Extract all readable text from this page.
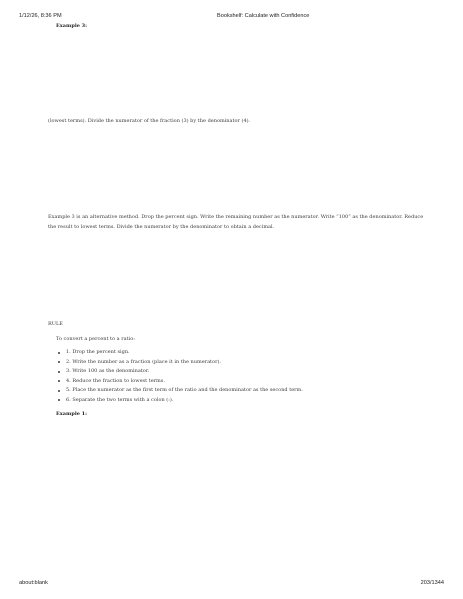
1/12/26, 8:36 PM	Bookshelf: Calculate with Confidence
Example 3:
(lowest terms). Divide the numerator of the fraction (3) by the denominator (4).
Example 3 is an alternative method. Drop the percent sign. Write the remaining number as the numerator. Write “100” as the denominator. Reduce the result to lowest terms. Divide the numerator by the denominator to obtain a decimal.
RULE
To convert a percent to a ratio:
1. Drop the percent sign.
2. Write the number as a fraction (place it in the numerator).
3. Write 100 as the denominator.
4. Reduce the fraction to lowest terms.
5. Place the numerator as the first term of the ratio and the denominator as the second term.
6. Separate the two terms with a colon (:).
Example 1:
about:blank	203/1344
